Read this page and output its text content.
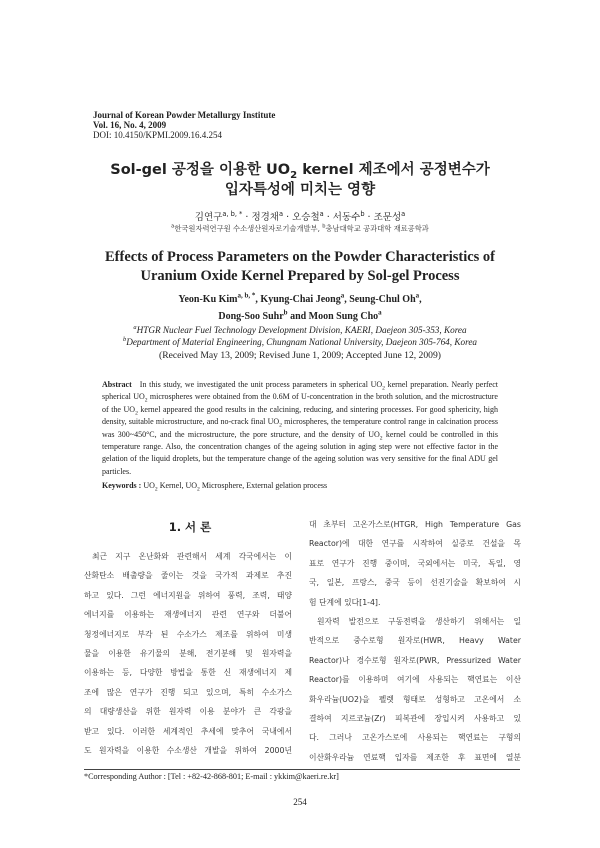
Journal of Korean Powder Metallurgy Institute
Vol. 16, No. 4, 2009
DOI: 10.4150/KPMI.2009.16.4.254
Sol-gel 공정을 이용한 $UO_2$ kernel 제조에서 공정변수가
입자특성에 미치는 영향
김연구$^{a, b, *}$ · 정경채$^a$ · 오승철$^a$ · 서동수$^b$ · 조문성$^a$
$^a$한국원자력연구원 수소생산원자로기술개발부, $^b$충남대학교 공과대학 재료공학과
Effects of Process Parameters on the Powder Characteristics of
Uranium Oxide Kernel Prepared by Sol-gel Process
Yeon-Ku Kim$^{a, b, *}$, Kyung-Chai Jeong$^a$, Seung-Chul Oh$^a$,
Dong-Soo Suhr$^b$ and Moon Sung Cho$^a$
$^a$HTGR Nuclear Fuel Technology Development Division, KAERI, Daejeon 305-353, Korea
$^b$Department of Material Engineering, Chungnam National University, Daejeon 305-764, Korea
(Received May 13, 2009; Revised June 1, 2009; Accepted June 12, 2009)
Abstract In this study, we investigated the unit process parameters in spherical $UO_2$ kernel preparation. Nearly perfect spherical $UO_2$ microspheres were obtained from the 0.6M of U-concentration in the broth solution, and the microstructure of the $UO_2$ kernel appeared the good results in the calcining, reducing, and sintering processes. For good sphericity, high density, suitable microstructure, and no-crack final $UO_2$ microspheres, the temperature control range in calcination process was 300~450°C, and the microstructure, the pore structure, and the density of $UO_2$ kernel could be controlled in this temperature range. Also, the concentration changes of the ageing solution in aging step were not effective factor in the gelation of the liquid droplets, but the temperature change of the ageing solution was very sensitive for the final ADU gel particles.
Keywords : $UO_2$ Kernel, $UO_2$ Microsphere, External gelation process
1. 서 론
최근 지구 온난화와 관련해서 세계 각국에서는 이
산화탄소 배출량을 줄이는 것을 국가적 과제로 추진
하고 있다. 그런 에너지원을 위하여 풍력, 조력, 태양
에너지를 이용하는 재생에너지 관련 연구와 더불어
청정에너지로 부각 된 수소가스 제조를 위하여 미생
물을 이용한 유기물의 분해, 전기분해 및 원자력을
이용하는 등, 다양한 방법을 통한 신 재생에너지 제
조에 많은 연구가 진행 되고 있으며, 특히 수소가스
의 대량생산을 위한 원자력 이용 분야가 큰 각광을
받고 있다. 이러한 세계적인 추세에 맞추어 국내에서
도 원자력을 이용한 수소생산 개발을 위하여 2000년
대 초부터 고온가스로(HTGR, High Temperature Gas
Reactor)에 대한 연구를 시작하여 실증로 건설을 목
표로 연구가 진행 중이며, 국외에서는 미국, 독일, 영
국, 일본, 프랑스, 중국 등이 선진기술을 확보하여 시
험 단계에 있다[1-4].
원자력 발전으로 구동전력을 생산하기 위해서는 일
반적으로 중수로형 원자로(HWR, Heavy Water
Reactor)나 경수로형 원자로(PWR, Pressurized Water
Reactor)를 이용하며 여기에 사용되는 핵연료는 이산
화우라늄(UO2)을 펠렛 형태로 성형하고 고온에서 소
결하여 지르코늄(Zr) 피복관에 장입시켜 사용하고 있
다. 그러나 고온가스로에 사용되는 핵연료는 구형의
이산화우라늄 연료핵 입자를 제조한 후 표면에 열분
*Corresponding Author : [Tel : +82-42-868-801; E-mail : ykkim@kaeri.re.kr]
254
